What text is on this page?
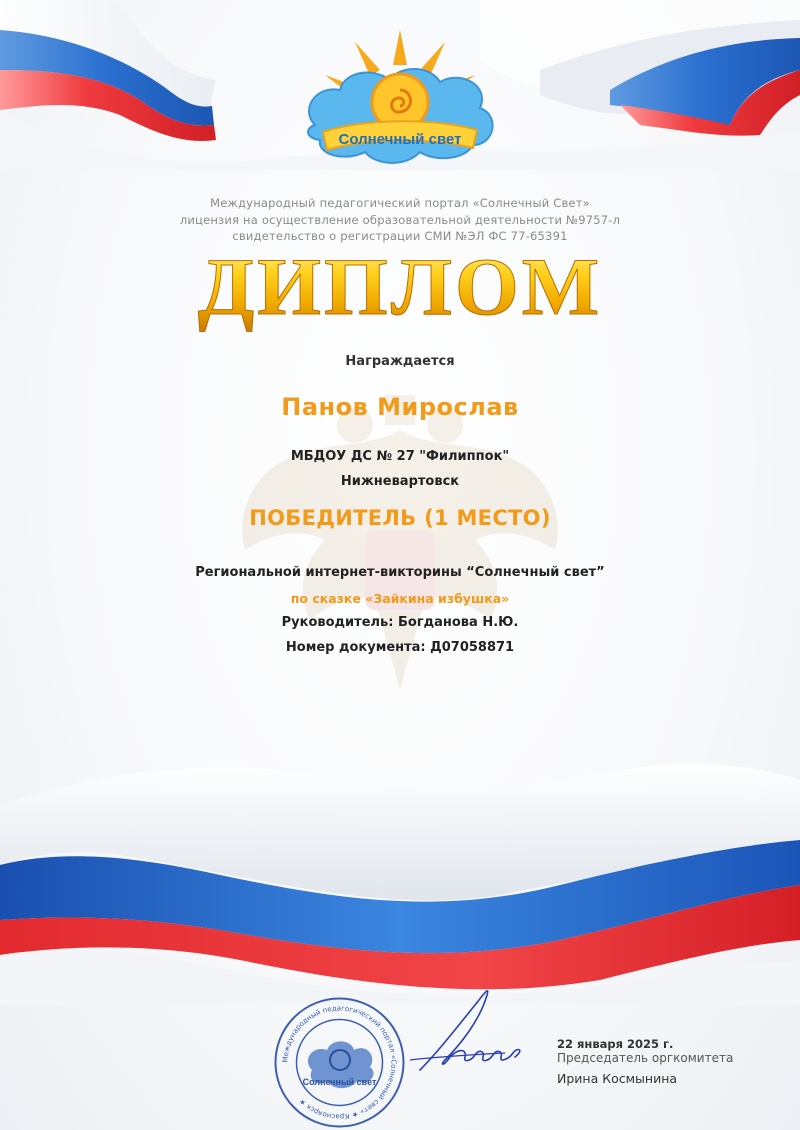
Солнечный свет
Международный педагогический портал «Солнечный Свет»
лицензия на осуществление образовательной деятельности №9757-л
свидетельство о регистрации СМИ №ЭЛ ФС 77-65391
ДИПЛОМ
Награждается
Панов Мирослав
МБДОУ ДС № 27 "Филиппок"
Нижневартовск
ПОБЕДИТЕЛЬ (1 МЕСТО)
Региональной интернет-викторины “Солнечный свет”
по сказке «Зайкина избушка»
Руководитель: Богданова Н.Ю.
Номер документа: Д07058871
Международный педагогический портал «Солнечный свет» ★ Красноярск ★
Солнечный свет
22 января 2025 г.
Председатель оргкомитета
Ирина Космынина
